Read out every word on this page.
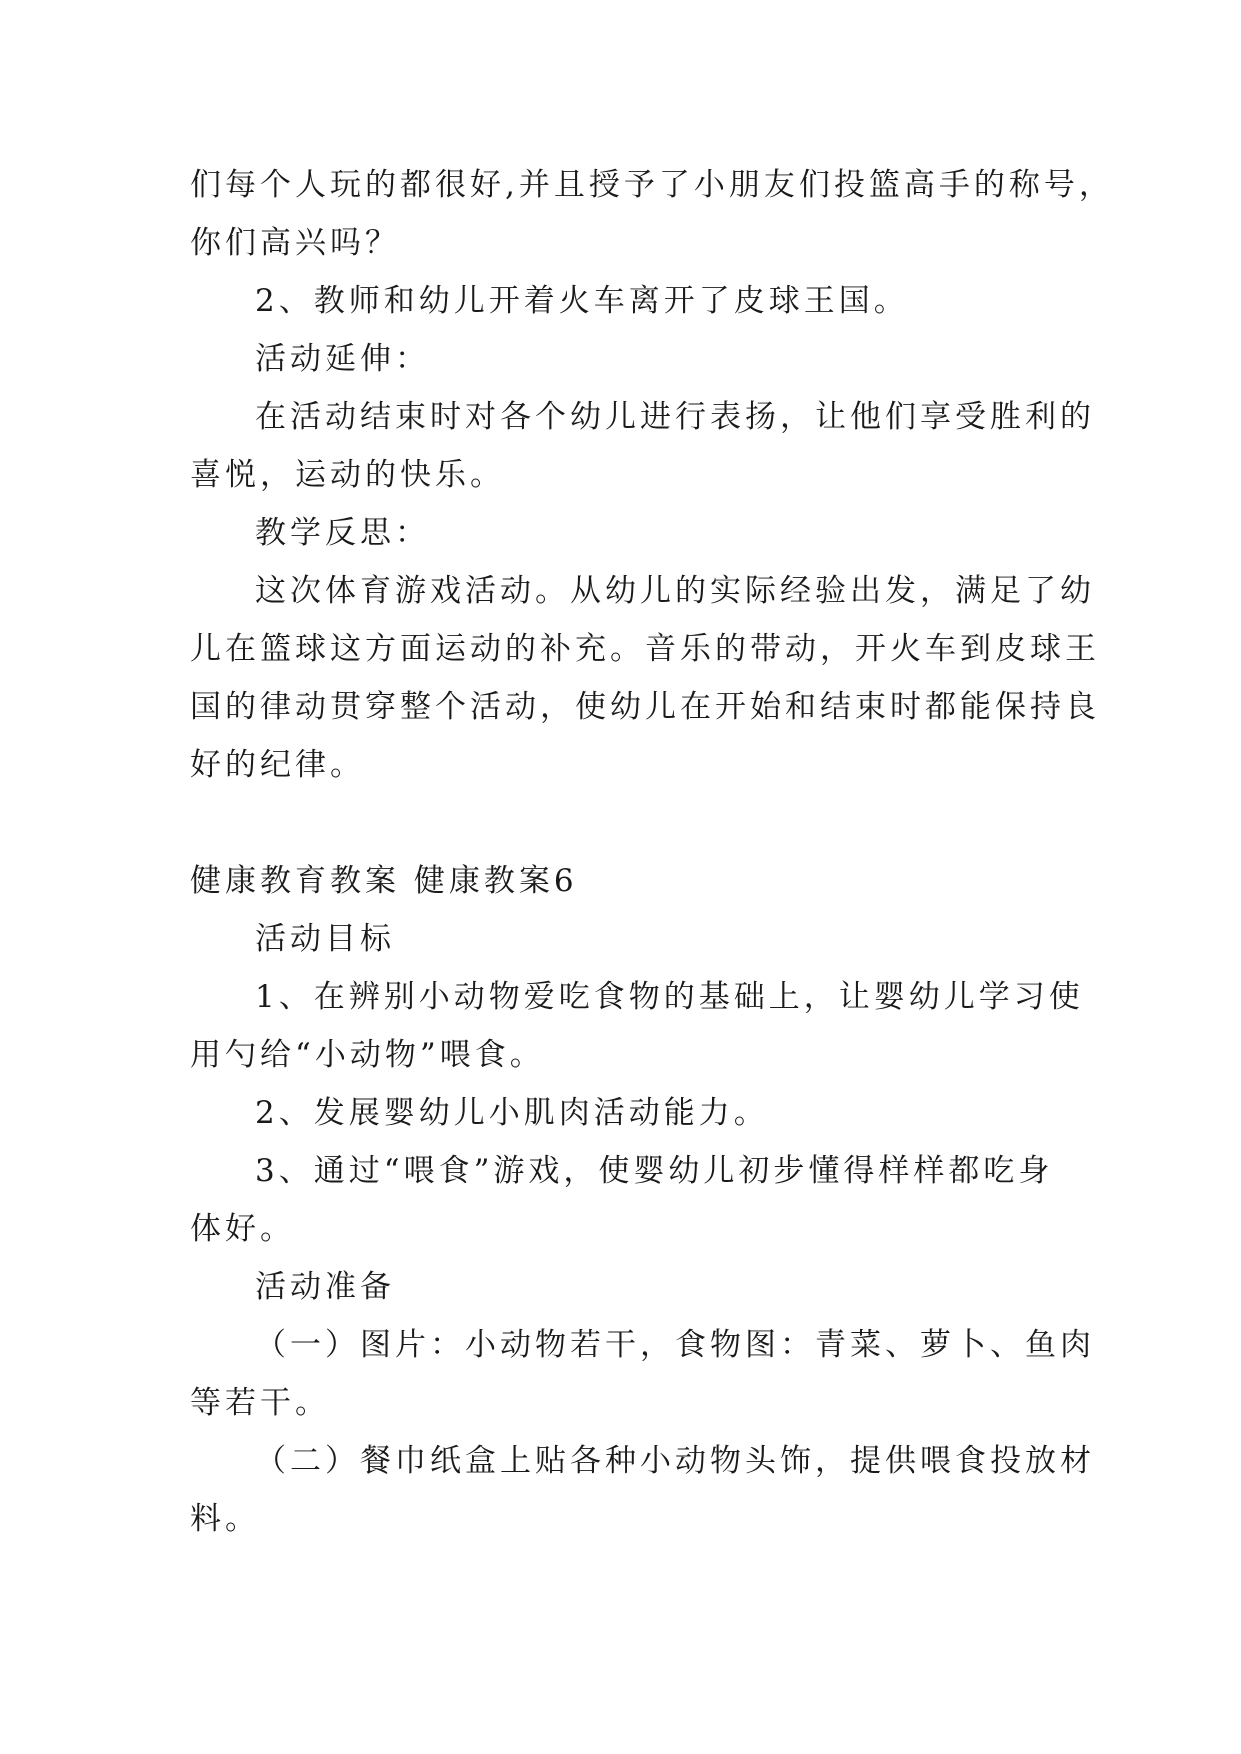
们每个人玩的都很好,并且授予了小朋友们投篮高手的称号，
你们高兴吗？
2、教师和幼儿开着火车离开了皮球王国。
活动延伸：
在活动结束时对各个幼儿进行表扬，让他们享受胜利的
喜悦，运动的快乐。
教学反思：
这次体育游戏活动。从幼儿的实际经验出发，满足了幼
儿在篮球这方面运动的补充。音乐的带动，开火车到皮球王
国的律动贯穿整个活动，使幼儿在开始和结束时都能保持良
好的纪律。
健康教育教案 健康教案6
活动目标
1、在辨别小动物爱吃食物的基础上，让婴幼儿学习使
用勺给“小动物”喂食。
2、发展婴幼儿小肌肉活动能力。
3、通过“喂食”游戏，使婴幼儿初步懂得样样都吃身
体好。
活动准备
（一）图片：小动物若干，食物图：青菜、萝卜、鱼肉
等若干。
（二）餐巾纸盒上贴各种小动物头饰，提供喂食投放材
料。
